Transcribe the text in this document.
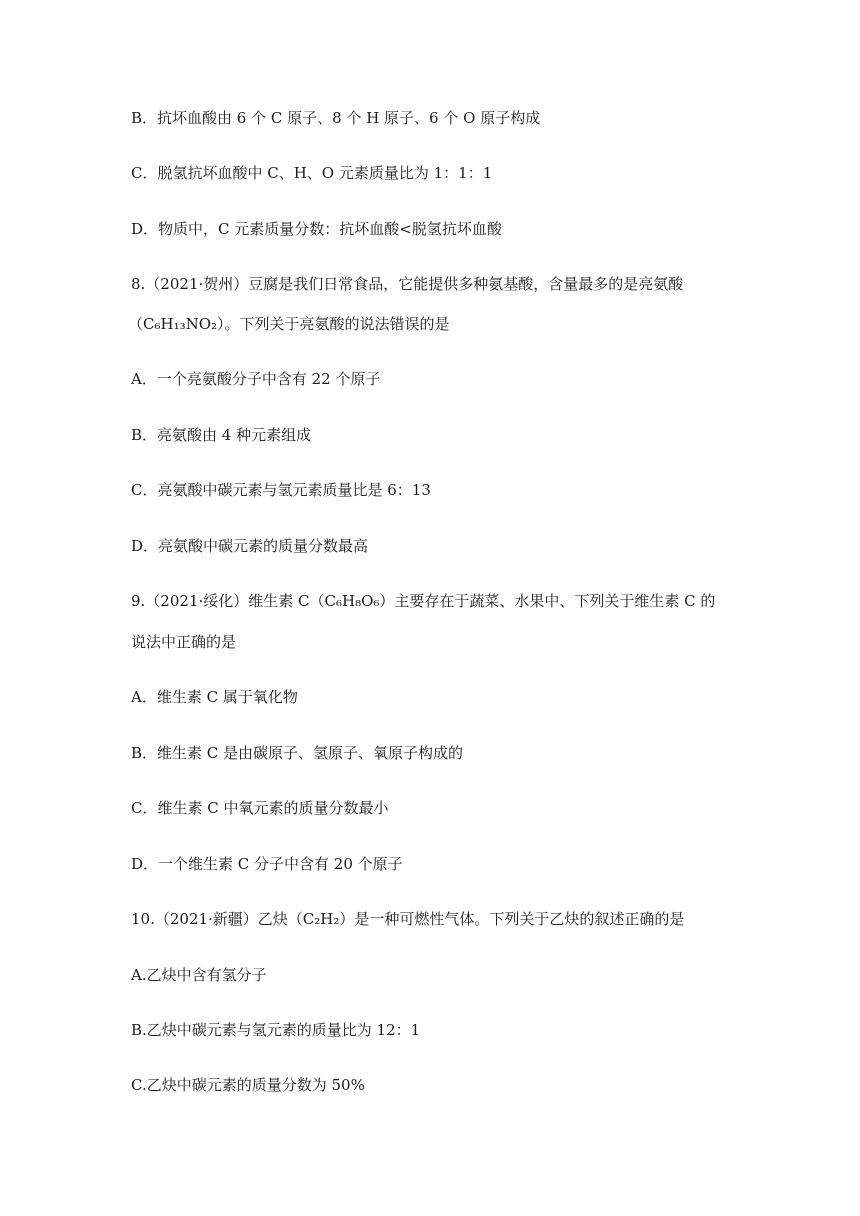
B．抗坏血酸由 6 个 C 原子、8 个 H 原子、6 个 O 原子构成
C．脱氢抗坏血酸中 C、H、O 元素质量比为 1：1：1
D．物质中，C 元素质量分数：抗坏血酸<脱氢抗坏血酸
8.（2021·贺州）豆腐是我们日常食品，它能提供多种氨基酸，含量最多的是亮氨酸
（C₆H₁₃NO₂）。下列关于亮氨酸的说法错误的是
A．一个亮氨酸分子中含有 22 个原子
B．亮氨酸由 4 种元素组成
C．亮氨酸中碳元素与氢元素质量比是 6：13
D．亮氨酸中碳元素的质量分数最高
9.（2021·绥化）维生素 C（C₆H₈O₆）主要存在于蔬菜、水果中、下列关于维生素 C 的
说法中正确的是
A．维生素 C 属于氧化物
B．维生素 C 是由碳原子、氢原子、氧原子构成的
C．维生素 C 中氧元素的质量分数最小
D．一个维生素 C 分子中含有 20 个原子
10.（2021·新疆）乙炔（C₂H₂）是一种可燃性气体。下列关于乙炔的叙述正确的是
A.乙炔中含有氢分子
B.乙炔中碳元素与氢元素的质量比为 12：1
C.乙炔中碳元素的质量分数为 50%
